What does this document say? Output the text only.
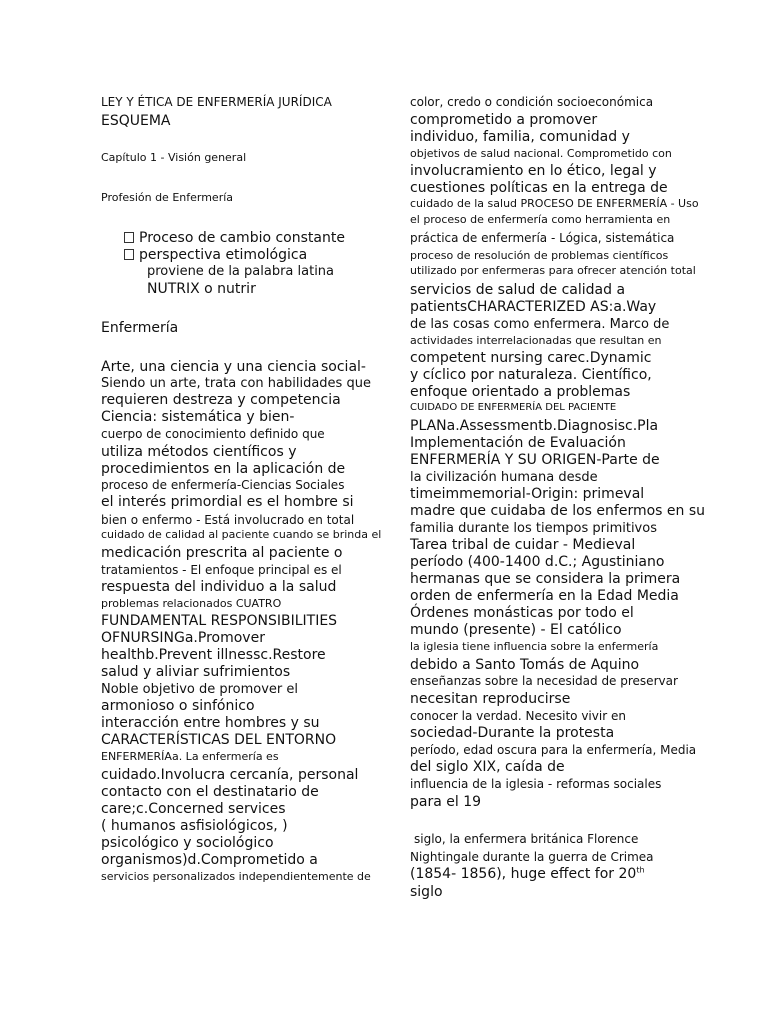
LEY Y ÉTICA DE ENFERMERÍA JURÍDICA

ESQUEMA

Capítulo 1 - Visión general

Profesión de Enfermería

Proceso de cambio constante

perspectiva etimológica

proviene de la palabra latina

NUTRIX o nutrir

Enfermería

Arte, una ciencia y una ciencia social-

Siendo un arte, trata con habilidades que

requieren destreza y competencia

Ciencia: sistemática y bien-

cuerpo de conocimiento definido que

utiliza métodos científicos y

procedimientos en la aplicación de

proceso de enfermería-Ciencias Sociales

el interés primordial es el hombre si

bien o enfermo - Está involucrado en total

cuidado de calidad al paciente cuando se brinda el

medicación prescrita al paciente o

tratamientos - El enfoque principal es el

respuesta del individuo a la salud

problemas relacionados CUATRO

FUNDAMENTAL RESPONSIBILITIES

OFNURSINGa.Promover

healthb.Prevent illnessc.Restore

salud y aliviar sufrimientos

Noble objetivo de promover el

armonioso o sinfónico

interacción entre hombres y su

CARACTERÍSTICAS DEL ENTORNO

ENFERMERÍAa. La enfermería es

cuidado.Involucra cercanía, personal

contacto con el destinatario de

care;c.Concerned services

( humanos asfisiológicos, )

psicológico y sociológico

organismos)d.Comprometido a

servicios personalizados independientemente de

color, credo o condición socioeconómica

comprometido a promover

individuo, familia, comunidad y

objetivos de salud nacional. Comprometido con

involucramiento en lo ético, legal y

cuestiones políticas en la entrega de

cuidado de la salud PROCESO DE ENFERMERÍA - Uso

el proceso de enfermería como herramienta en

práctica de enfermería - Lógica, sistemática

proceso de resolución de problemas científicos

utilizado por enfermeras para ofrecer atención total

servicios de salud de calidad a

patientsCHARACTERIZED AS:a.Way

de las cosas como enfermera. Marco de

actividades interrelacionadas que resultan en

competent nursing carec.Dynamic

y cíclico por naturaleza. Científico,

enfoque orientado a problemas

CUIDADO DE ENFERMERÍA DEL PACIENTE

PLANa.Assessmentb.Diagnosisc.Pla

Implementación de Evaluación

ENFERMERÍA Y SU ORIGEN-Parte de

la civilización humana desde

timeimmemorial-Origin: primeval

madre que cuidaba de los enfermos en su

familia durante los tiempos primitivos

Tarea tribal de cuidar - Medieval

período (400-1400 d.C.; Agustiniano

hermanas que se considera la primera

orden de enfermería en la Edad Media

Órdenes monásticas por todo el

mundo (presente) - El católico

la iglesia tiene influencia sobre la enfermería

debido a Santo Tomás de Aquino

enseñanzas sobre la necesidad de preservar

necesitan reproducirse

conocer la verdad. Necesito vivir en

sociedad-Durante la protesta

período, edad oscura para la enfermería, Media

del siglo XIX, caída de

influencia de la iglesia - reformas sociales

para el 19

siglo, la enfermera británica Florence

Nightingale durante la guerra de Crimea

(1854- 1856), huge effect for 20th

siglo
